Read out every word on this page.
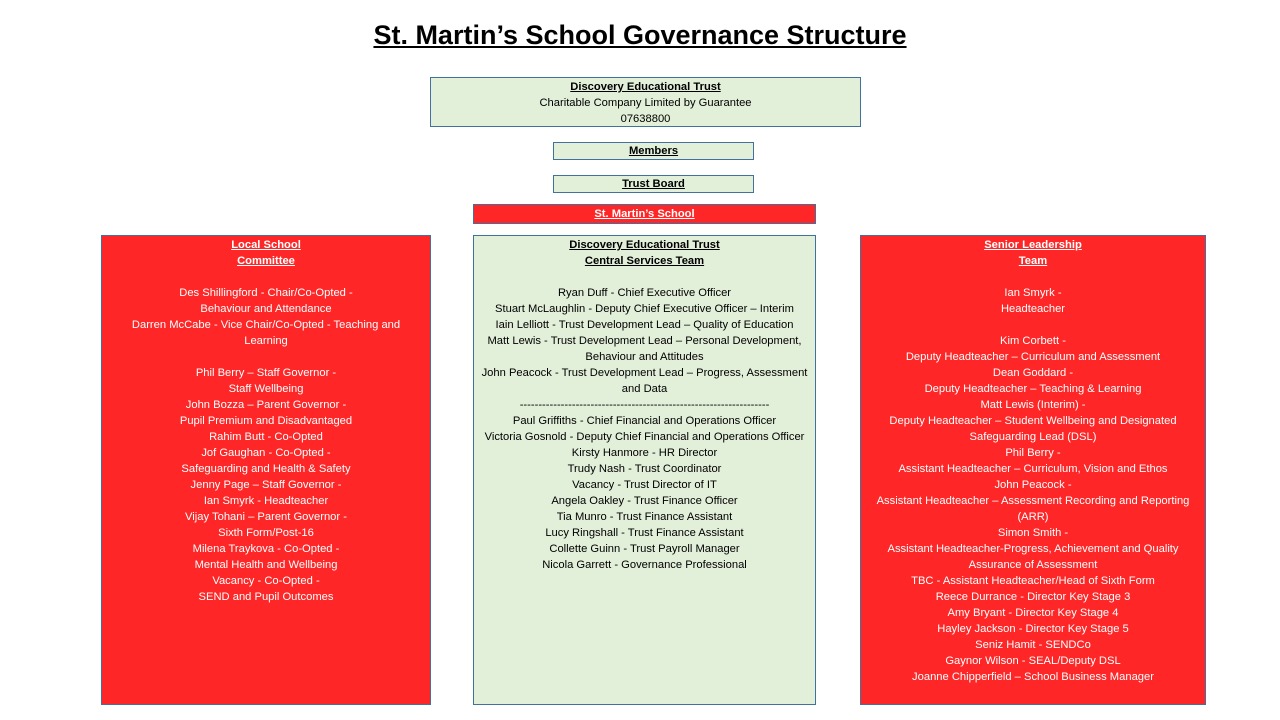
St. Martin’s School Governance Structure
Discovery Educational Trust
Charitable Company Limited by Guarantee
07638800
Members
Trust Board
St. Martin’s School
Local School
Committee
Des Shillingford - Chair/Co-Opted -
Behaviour and Attendance
Darren McCabe - Vice Chair/Co-Opted - Teaching and Learning
Phil Berry – Staff Governor -
Staff Wellbeing
John Bozza – Parent Governor -
Pupil Premium and Disadvantaged
Rahim Butt - Co-Opted
Jof Gaughan - Co-Opted -
Safeguarding and Health & Safety
Jenny Page – Staff Governor -
Ian Smyrk - Headteacher
Vijay Tohani – Parent Governor -
Sixth Form/Post-16
Milena Traykova - Co-Opted -
Mental Health and Wellbeing
Vacancy - Co-Opted -
SEND and Pupil Outcomes
Discovery Educational Trust
Central Services Team
Ryan Duff - Chief Executive Officer
Stuart McLaughlin - Deputy Chief Executive Officer – Interim
Iain Lelliott - Trust Development Lead – Quality of Education
Matt Lewis - Trust Development Lead – Personal Development,
Behaviour and Attitudes
John Peacock - Trust Development Lead – Progress, Assessment and Data
-------------------------------------------------------------------
Paul Griffiths - Chief Financial and Operations Officer
Victoria Gosnold - Deputy Chief Financial and Operations Officer
Kirsty Hanmore - HR Director
Trudy Nash - Trust Coordinator
Vacancy - Trust Director of IT
Angela Oakley - Trust Finance Officer
Tia Munro - Trust Finance Assistant
Lucy Ringshall - Trust Finance Assistant
Collette Guinn - Trust Payroll Manager
Nicola Garrett - Governance Professional
Senior Leadership
Team
Ian Smyrk -
Headteacher
Kim Corbett -
Deputy Headteacher – Curriculum and Assessment
Dean Goddard -
Deputy Headteacher – Teaching & Learning
Matt Lewis (Interim) -
Deputy Headteacher – Student Wellbeing and Designated Safeguarding Lead (DSL)
Phil Berry -
Assistant Headteacher – Curriculum, Vision and Ethos
John Peacock -
Assistant Headteacher – Assessment Recording and Reporting (ARR)
Simon Smith -
Assistant Headteacher-Progress, Achievement and Quality Assurance of Assessment
TBC - Assistant Headteacher/Head of Sixth Form
Reece Durrance - Director Key Stage 3
Amy Bryant - Director Key Stage 4
Hayley Jackson - Director Key Stage 5
Seniz Hamit - SENDCo
Gaynor Wilson - SEAL/Deputy DSL
Joanne Chipperfield – School Business Manager
